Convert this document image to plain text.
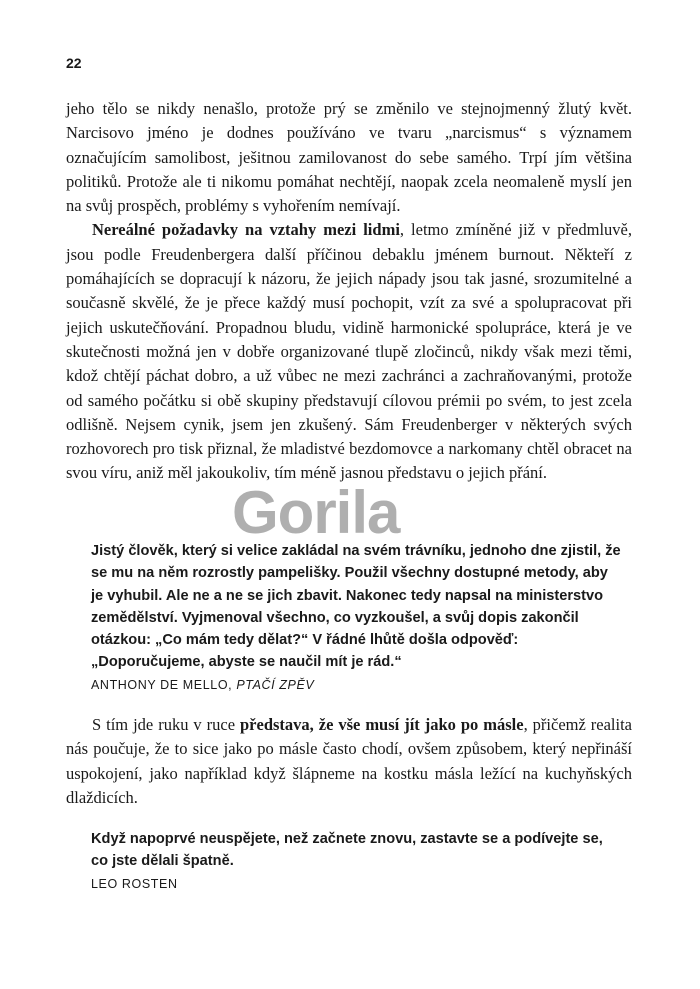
22

jeho tělo se nikdy nenašlo, protože prý se změnilo ve stejnojmenný žlutý květ. Narcisovo jméno je dodnes používáno ve tvaru „narcismus“ s významem označujícím samolibost, ješitnou zamilovanost do sebe samého. Trpí jím většina politiků. Protože ale ti nikomu pomáhat nechtějí, naopak zcela neomaleně myslí jen na svůj prospěch, problémy s vyhořením nemívají.

Nereálné požadavky na vztahy mezi lidmi, letmo zmíněné již v předmluvě, jsou podle Freudenbergera další příčinou debaklu jménem burnout. Někteří z pomáhajících se dopracují k názoru, že jejich nápady jsou tak jasné, srozumitelné a současně skvělé, že je přece každý musí pochopit, vzít za své a spolupracovat při jejich uskutečňování. Propadnou bludu, vidině harmonické spolupráce, která je ve skutečnosti možná jen v dobře organizované tlupě zločinců, nikdy však mezi těmi, kdož chtějí páchat dobro, a už vůbec ne mezi zachránci a zachraňovanými, protože od samého počátku si obě skupiny představují cílovou prémii po svém, to jest zcela odlišně. Nejsem cynik, jsem jen zkušený. Sám Freudenberger v některých svých rozhovorech pro tisk přiznal, že mladistvé bezdomovce a narkomany chtěl obracet na svou víru, aniž měl jakoukoliv, tím méně jasnou představu o jejich přání.

Gorila
Jistý člověk, který si velice zakládal na svém trávníku, jednoho dne zjistil, že se mu na něm rozrostly pampelišky. Použil všechny dostupné metody, aby je vyhubil. Ale ne a ne se jich zbavit. Nakonec tedy napsal na ministerstvo zemědělství. Vyjmenoval všechno, co vyzkoušel, a svůj dopis zakončil otázkou: „Co mám tedy dělat?“ V řádné lhůtě došla odpověď: „Doporučujeme, abyste se naučil mít je rád.“
ANTHONY DE MELLO, PTAČÍ ZPĚV

S tím jde ruku v ruce představa, že vše musí jít jako po másle, přičemž realita nás poučuje, že to sice jako po másle často chodí, ovšem způsobem, který nepřináší uspokojení, jako například když šlápneme na kostku másla ležící na kuchyňských dlaždicích.

Když napoprvé neuspějete, než začnete znovu, zastavte se a podívejte se, co jste dělali špatně.
LEO ROSTEN
